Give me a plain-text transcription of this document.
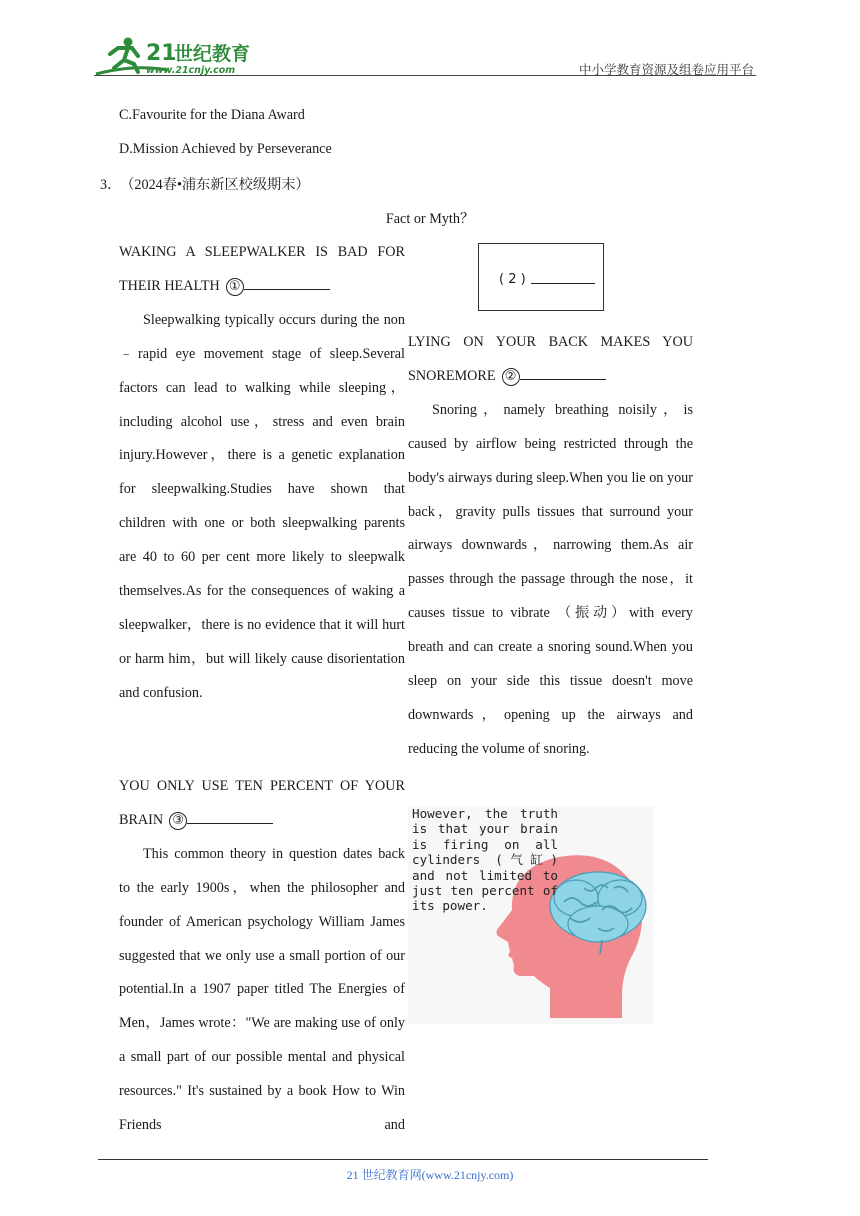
21
世纪教育
www.21cnjy.com	中小学教育资源及组卷应用平台
C.Favourite for the Diana Award
D.Mission Achieved by Perseverance
3． （2024春•浦东新区校级期末）
Fact or Myth？

WAKING A SLEEPWALKER IS BAD FOR

THEIR HEALTH ①

Sleepwalking typically occurs during the non﹣rapid eye movement stage of sleep.Several factors can lead to walking while sleeping，including alcohol use，stress and even brain injury.However，there is a genetic explanation for sleepwalking.Studies have shown that children with one or both sleepwalking parents are 40 to 60 per cent more likely to sleepwalk themselves.As for the consequences of waking a sleepwalker，there is no evidence that it will hurt or harm him，but will likely cause disorientation and confusion.

( 2 )

LYING ON YOUR BACK MAKES YOU

SNOREMORE ②

Snoring，namely breathing noisily，is caused by airflow being restricted through the body's airways during sleep.When you lie on your back，gravity pulls tissues that surround your airways downwards，narrowing them.As air passes through the passage through the nose，it causes tissue to vibrate （振动）with every breath and can create a snoring sound.When you sleep on your side this tissue doesn't move downwards，opening up the airways and reducing the volume of snoring.

YOU ONLY USE TEN PERCENT OF YOUR

BRAIN ③

This common theory in question dates back to the early 1900s，when the philosopher and founder of American psychology William James suggested that we only use a small portion of our potential.In a 1907 paper titled The Energies of Men，James wrote："We are making use of only a small part of our possible mental and physical resources." It's sustained by a book How to Win Friends and

However, the truth is that your brain is firing on all cylinders (气缸) and not limited to just ten percent of its power.
21 世纪教育网(www.21cnjy.com)
